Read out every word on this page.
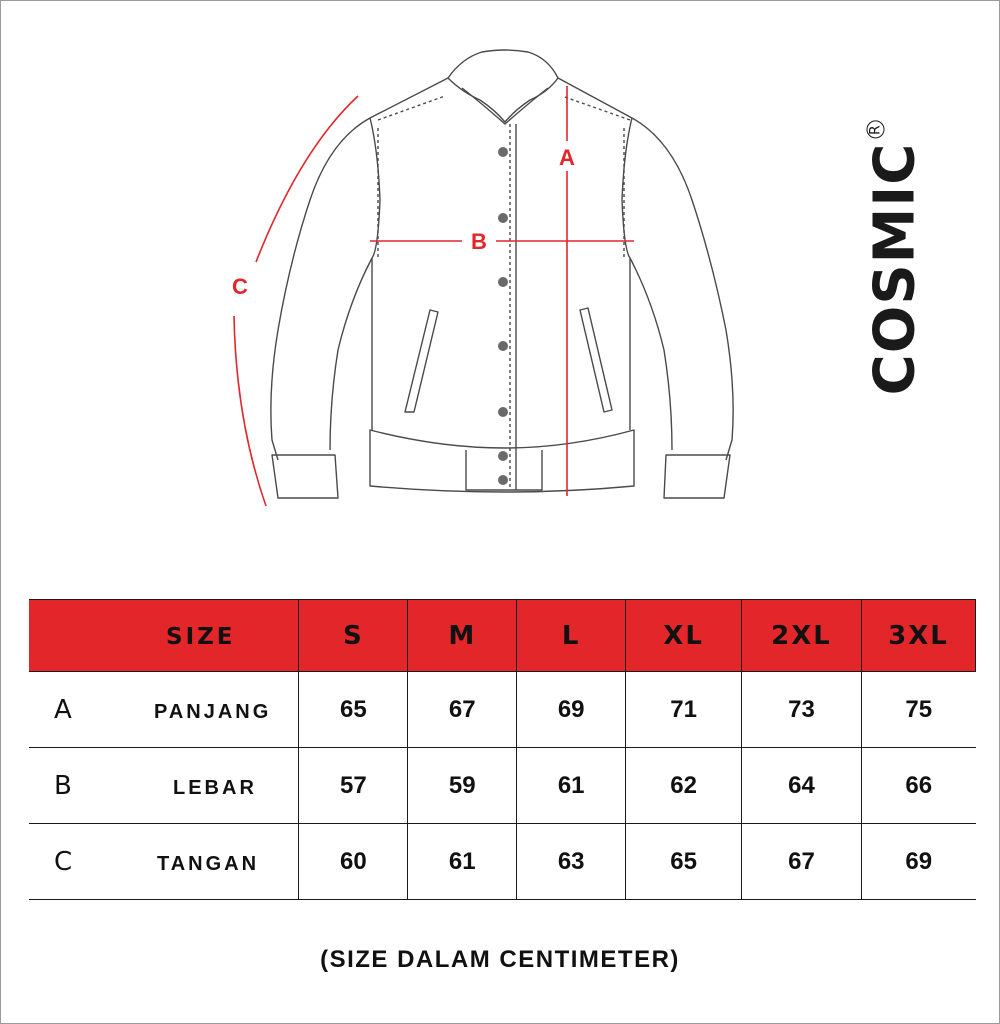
A
B
C	COSMIC
R
SIZE	S	M	L	XL	2XL	3XL
A PANJANG	65	67	69	71	73	75
B LEBAR	57	59	61	62	64	66
C TANGAN	60	61	63	65	67	69
(SIZE DALAM CENTIMETER)
